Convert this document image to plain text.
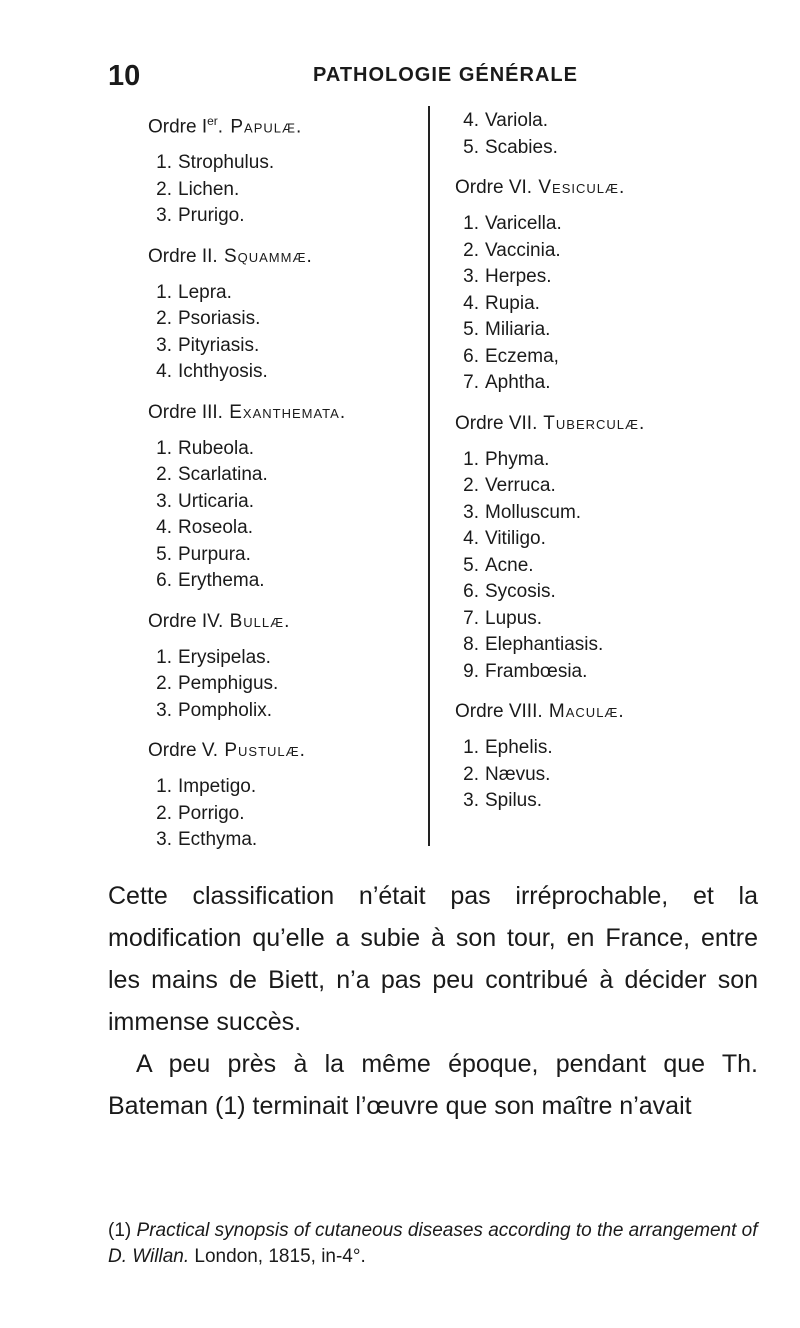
10	PATHOLOGIE GÉNÉRALE
Ordre Ier. Papulæ.
1. Strophulus.
2. Lichen.
3. Prurigo.
Ordre II. Squammæ.
1. Lepra.
2. Psoriasis.
3. Pityriasis.
4. Ichthyosis.
Ordre III. Exanthemata.
1. Rubeola.
2. Scarlatina.
3. Urticaria.
4. Roseola.
5. Purpura.
6. Erythema.
Ordre IV. Bullæ.
1. Erysipelas.
2. Pemphigus.
3. Pompholix.
Ordre V. Pustulæ.
1. Impetigo.
2. Porrigo.
3. Ecthyma.
4. Variola.
5. Scabies.
Ordre VI. Vesiculæ.
1. Varicella.
2. Vaccinia.
3. Herpes.
4. Rupia.
5. Miliaria.
6. Eczema,
7. Aphtha.
Ordre VII. Tuberculæ.
1. Phyma.
2. Verruca.
3. Molluscum.
4. Vitiligo.
5. Acne.
6. Sycosis.
7. Lupus.
8. Elephantiasis.
9. Frambœsia.
Ordre VIII. Maculæ.
1. Ephelis.
2. Nævus.
3. Spilus.

Cette classification n’était pas irréprochable, et la modification qu’elle a subie à son tour, en France, entre les mains de Biett, n’a pas peu contribué à décider son immense succès.

A peu près à la même époque, pendant que Th. Bateman (1) terminait l’œuvre que son maître n’avait

(1) Practical synopsis of cutaneous diseases according to the arrangement of D. Willan. London, 1815, in-4°.
